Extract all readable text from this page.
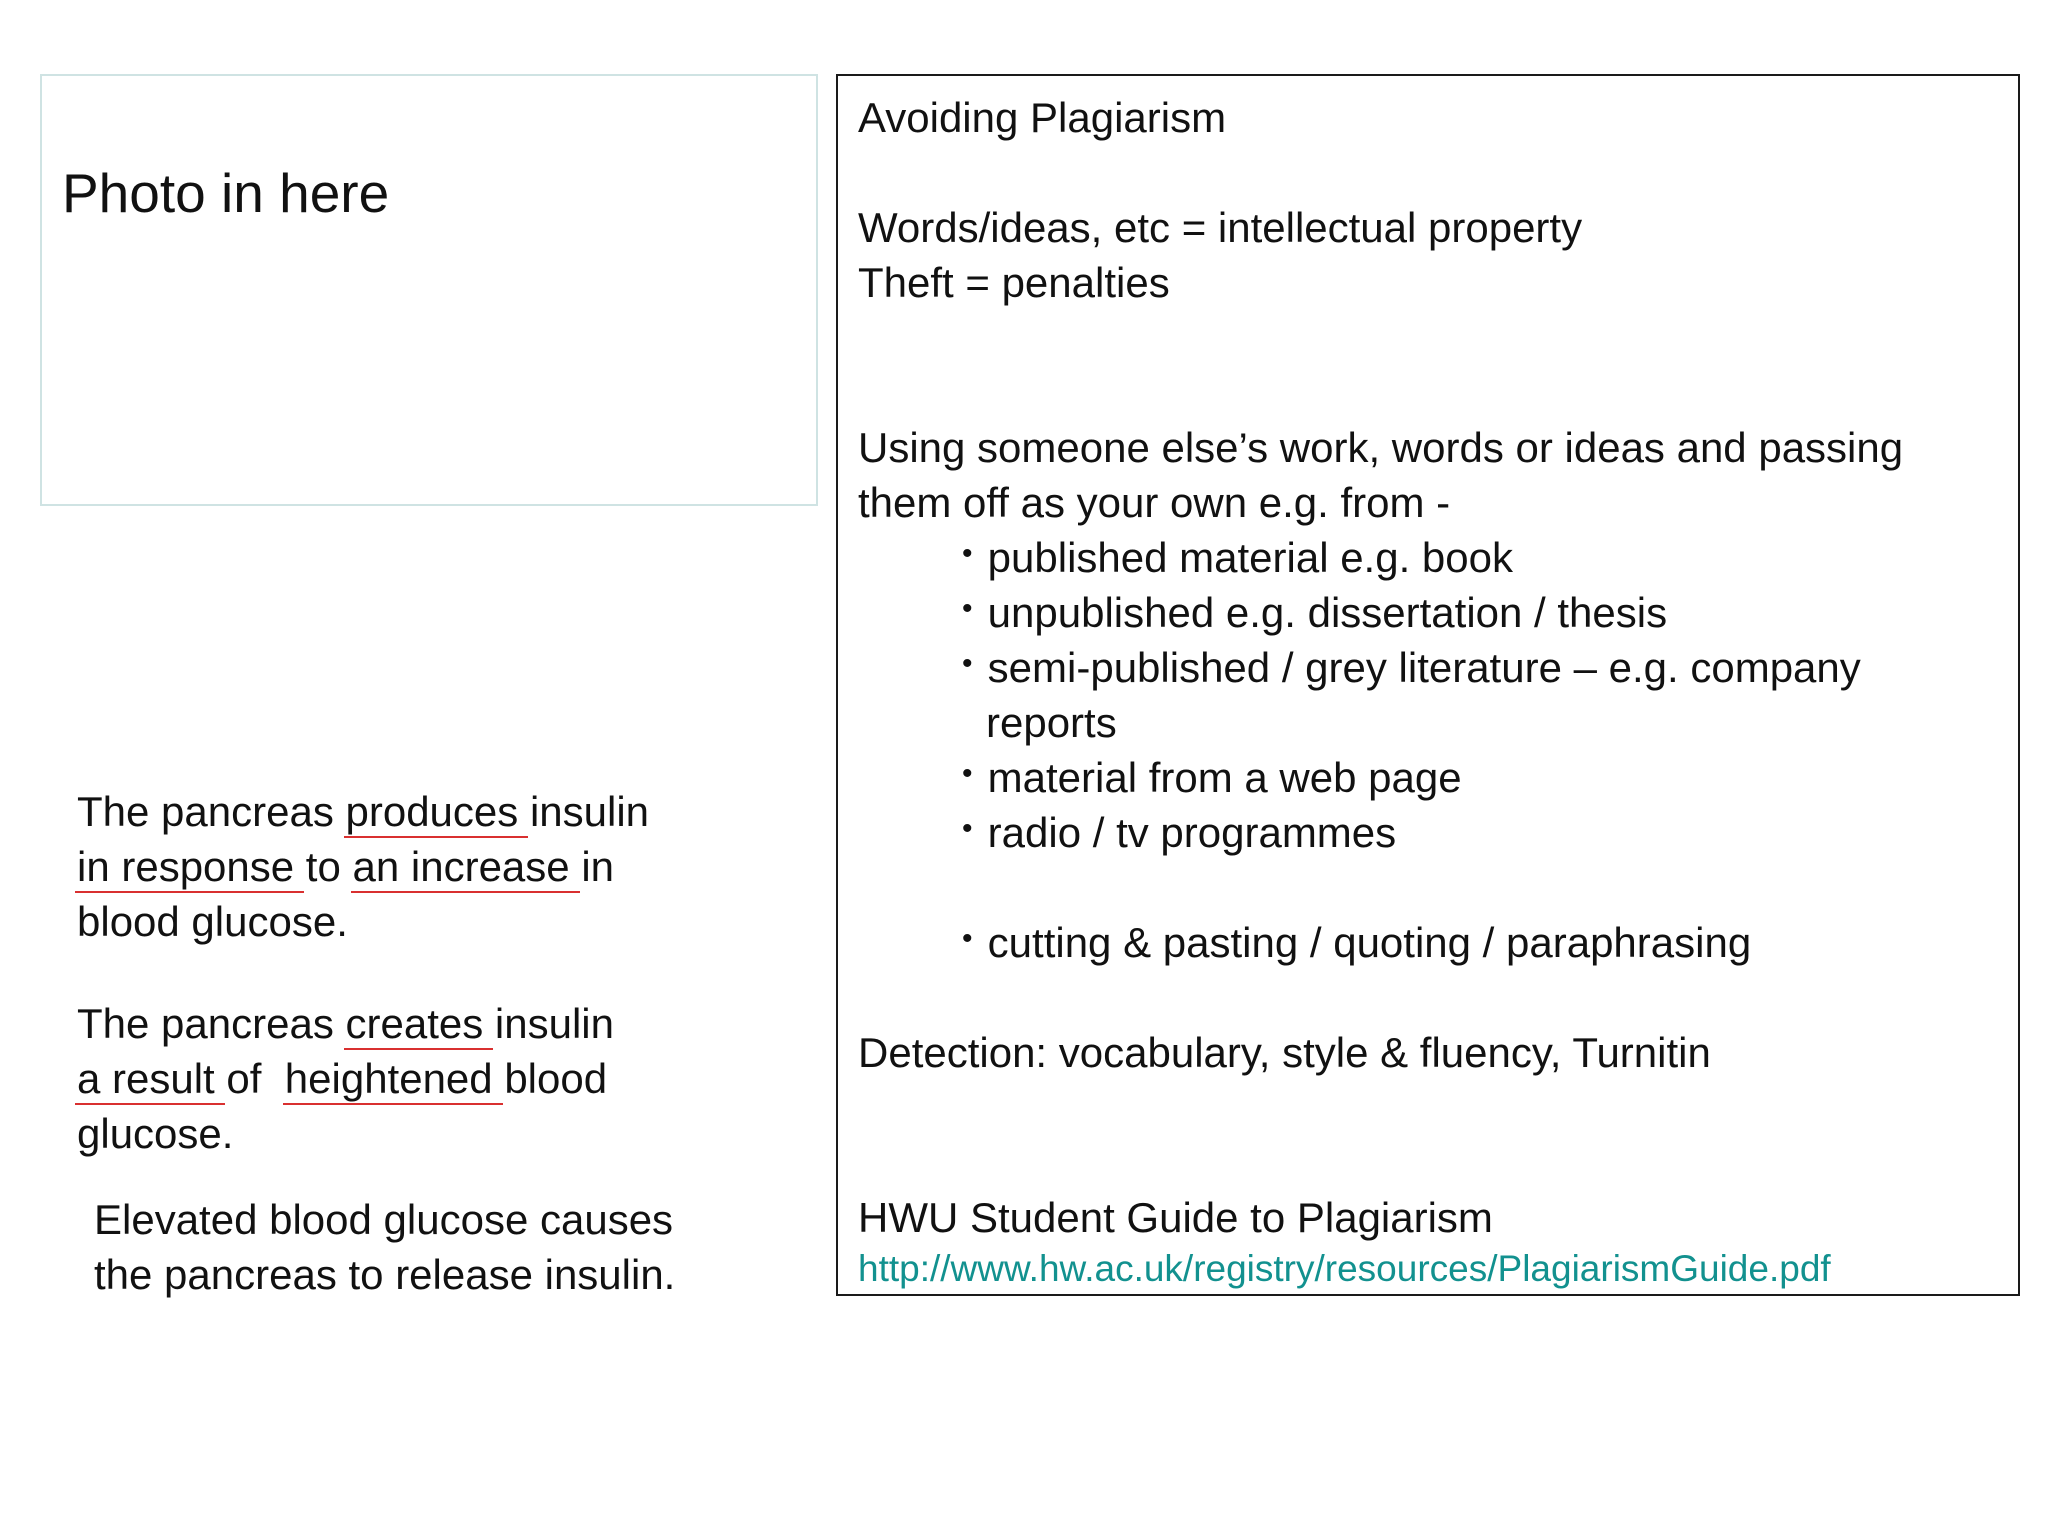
Photo in here
Avoiding Plagiarism
Words/ideas, etc = intellectual property
Theft = penalties
Using someone else’s work, words or ideas and passing
them off as your own e.g. from -
• published material e.g. book
• unpublished e.g. dissertation / thesis
• semi-published / grey literature – e.g. company
reports
• material from a web page
• radio / tv programmes
• cutting & pasting / quoting / paraphrasing
Detection: vocabulary, style & fluency, Turnitin
HWU Student Guide to Plagiarism
http://www.hw.ac.uk/registry/resources/PlagiarismGuide.pdf
The pancreas produces insulin
in response to an increase in
blood glucose.
The pancreas creates insulin
a result of  heightened blood
glucose.
Elevated blood glucose causes
the pancreas to release insulin.
